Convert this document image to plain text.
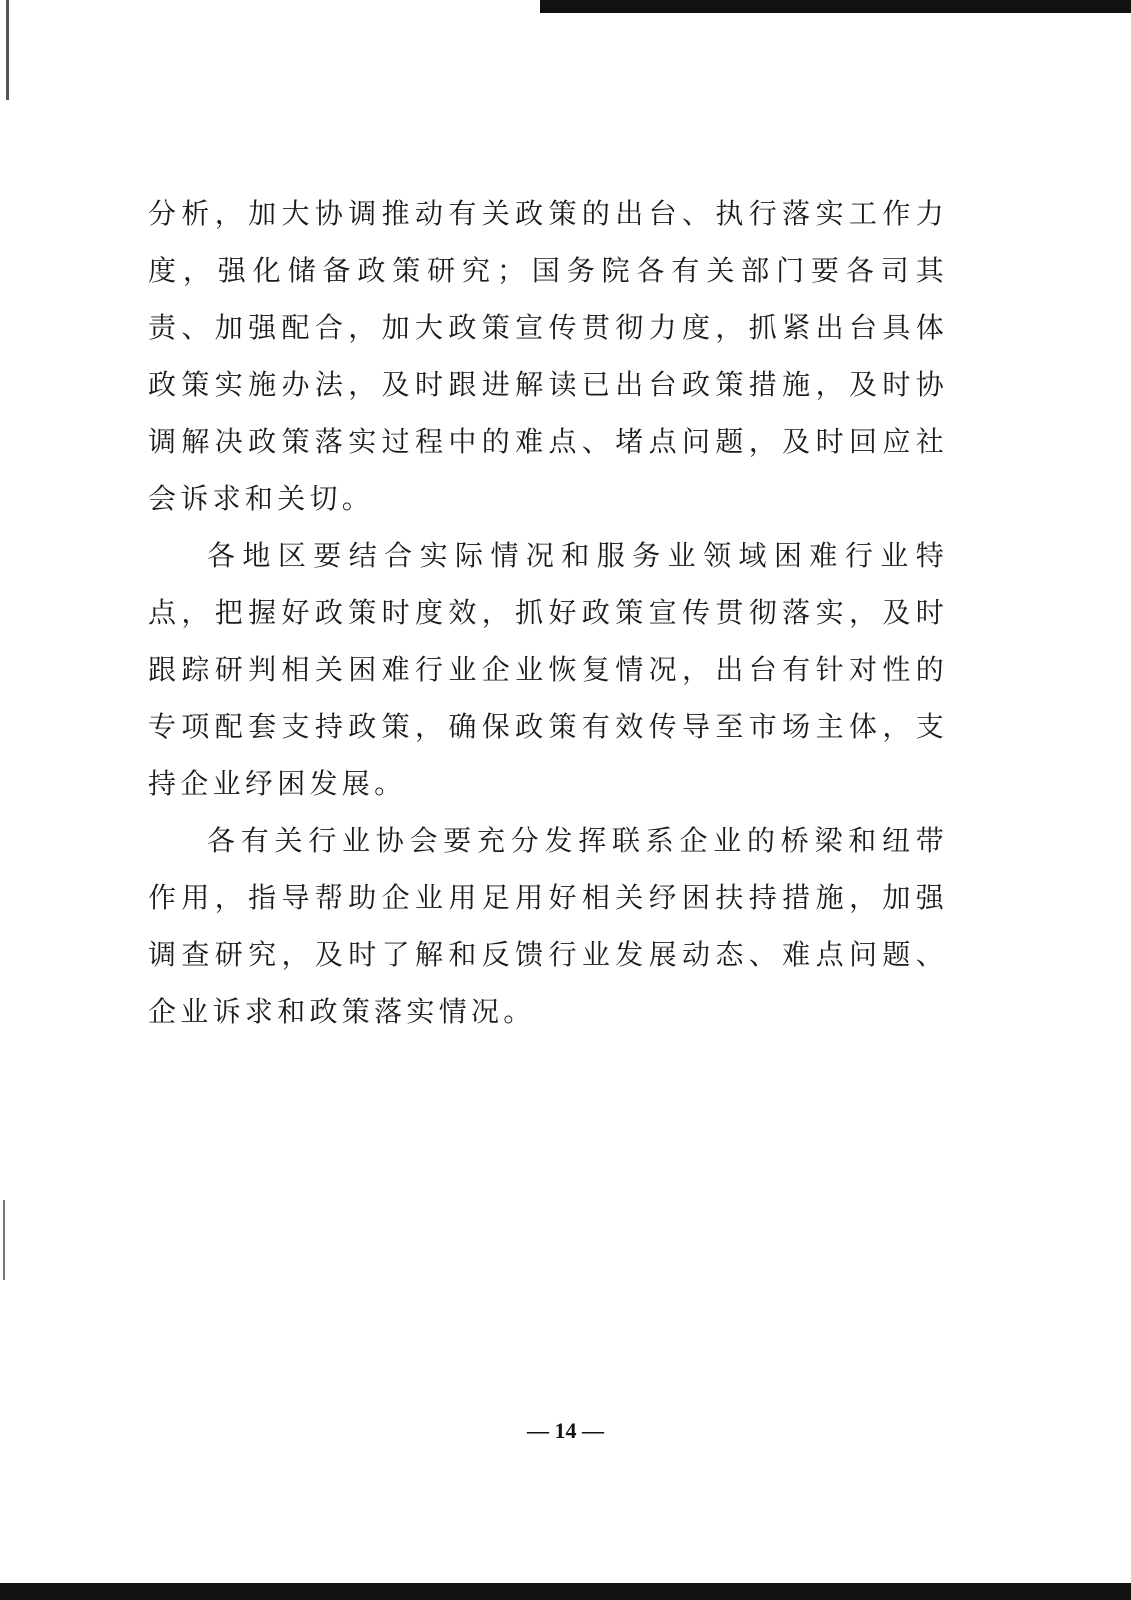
分析，加大协调推动有关政策的出台、执行落实工作力度，强化储备政策研究；国务院各有关部门要各司其责、加强配合，加大政策宣传贯彻力度，抓紧出台具体政策实施办法，及时跟进解读已出台政策措施，及时协调解决政策落实过程中的难点、堵点问题，及时回应社会诉求和关切。

各地区要结合实际情况和服务业领域困难行业特点，把握好政策时度效，抓好政策宣传贯彻落实，及时跟踪研判相关困难行业企业恢复情况，出台有针对性的专项配套支持政策，确保政策有效传导至市场主体，支持企业纾困发展。

各有关行业协会要充分发挥联系企业的桥梁和纽带作用，指导帮助企业用足用好相关纾困扶持措施，加强调查研究，及时了解和反馈行业发展动态、难点问题、企业诉求和政策落实情况。

— 14 —
